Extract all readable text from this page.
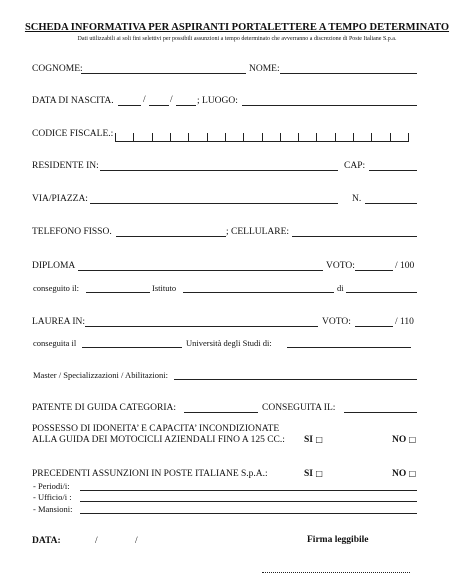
SCHEDA INFORMATIVA PER ASPIRANTI PORTALETTERE A TEMPO DETERMINATO
Dati utilizzabili ai soli fini selettivi per possibili assunzioni a tempo determinato che avverranno a discrezione di Poste Italiane S.p.a.
COGNOME:	NOME:
DATA DI NASCITA.	/	/	; LUOGO:
CODICE FISCALE.:
RESIDENTE IN:	CAP:
VIA/PIAZZA:	N.
TELEFONO FISSO.	; CELLULARE:
DIPLOMA	VOTO:	/ 100
conseguito il:	Istituto	di
LAUREA IN:	VOTO:	/ 110
conseguita il	Università degli Studi di:
Master / Specializzazioni / Abilitazioni:
PATENTE DI GUIDA CATEGORIA:	CONSEGUITA IL:
POSSESSO DI IDONEITA’ E CAPACITA’ INCONDIZIONATE
ALLA GUIDA DEI MOTOCICLI AZIENDALI FINO A 125 CC.: SI □	NO □
PRECEDENTI ASSUNZIONI IN POSTE ITALIANE S.p.A.:	SI □	NO □
- Periodi/i:
- Ufficio/i :
- Mansioni:
DATA:	/	/	Firma leggibile
